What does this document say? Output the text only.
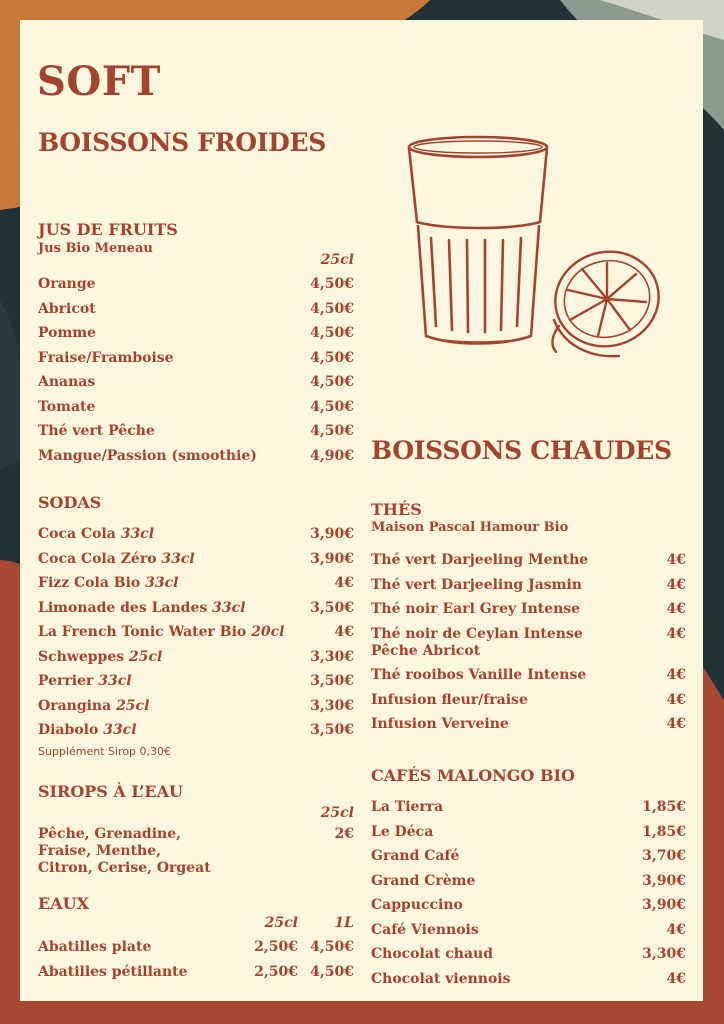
SOFT
BOISSONS FROIDES
JUS DE FRUITS
Jus Bio Meneau
25cl
Orange	4,50€
Abricot	4,50€
Pomme	4,50€
Fraise/Framboise	4,50€
Ananas	4,50€
Tomate	4,50€
Thé vert Pêche	4,50€
Mangue/Passion (smoothie)	4,90€
SODAS
Coca Cola 33cl	3,90€
Coca Cola Zéro 33cl	3,90€
Fizz Cola Bio 33cl	4€
Limonade des Landes 33cl	3,50€
La French Tonic Water Bio 20cl	4€
Schweppes 25cl	3,30€
Perrier 33cl	3,50€
Orangina 25cl	3,30€
Diabolo 33cl	3,50€
Supplément Sirop 0,30€
SIROPS À L’EAU
25cl
Pêche, Grenadine, Fraise, Menthe, Citron, Cerise, Orgeat
2€
EAUX
25cl	1L
Abatilles plate	2,50€ 4,50€
Abatilles pétillante	2,50€ 4,50€
BOISSONS CHAUDES
THÉS
Maison Pascal Hamour Bio
Thé vert Darjeeling Menthe	4€
Thé vert Darjeeling Jasmin	4€
Thé noir Earl Grey Intense	4€
Thé noir de Ceylan Intense Pêche Abricot
4€
Thé rooibos Vanille Intense	4€
Infusion fleur/fraise	4€
Infusion Verveine	4€
CAFÉS MALONGO BIO
La Tierra	1,85€
Le Déca	1,85€
Grand Café	3,70€
Grand Crème	3,90€
Cappuccino	3,90€
Café Viennois	4€
Chocolat chaud	3,30€
Chocolat viennois	4€
